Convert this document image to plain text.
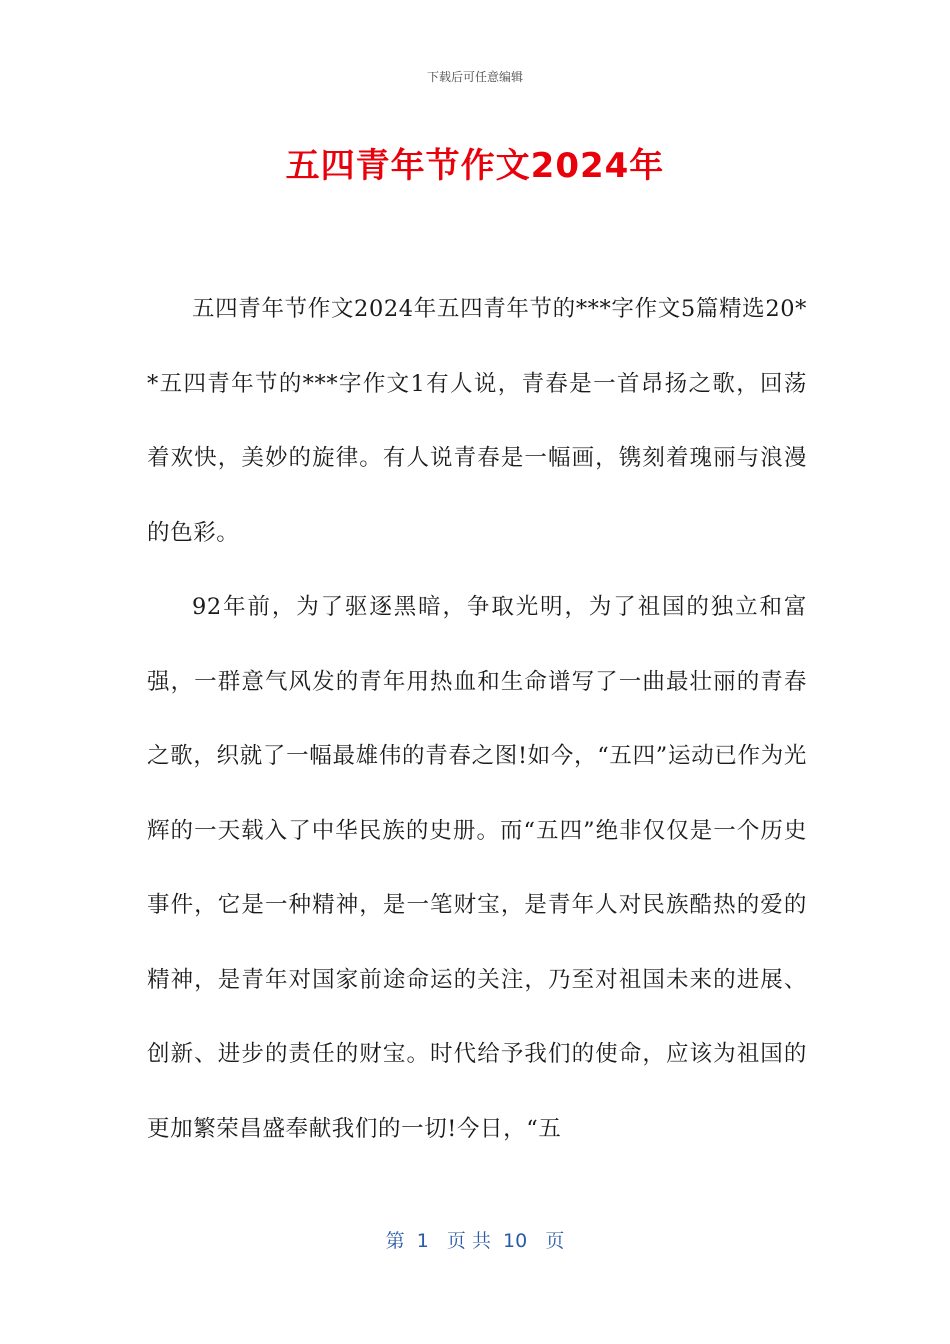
下载后可任意编辑
五四青年节作文2024年

五四青年节作文2024年五四青年节的***字作文5篇精选20**五四青年节的***字作文1有人说，青春是一首昂扬之歌，回荡着欢快，美妙的旋律。有人说青春是一幅画，镌刻着瑰丽与浪漫的色彩。

92年前，为了驱逐黑暗，争取光明，为了祖国的独立和富强，一群意气风发的青年用热血和生命谱写了一曲最壮丽的青春之歌，织就了一幅最雄伟的青春之图!如今，“五四”运动已作为光辉的一天载入了中华民族的史册。而“五四”绝非仅仅是一个历史事件，它是一种精神，是一笔财宝，是青年人对民族酷热的爱的精神，是青年对国家前途命运的关注，乃至对祖国未来的进展、创新、进步的责任的财宝。时代给予我们的使命，应该为祖国的更加繁荣昌盛奉献我们的一切!今日，“五

第  1   页 共  10   页
